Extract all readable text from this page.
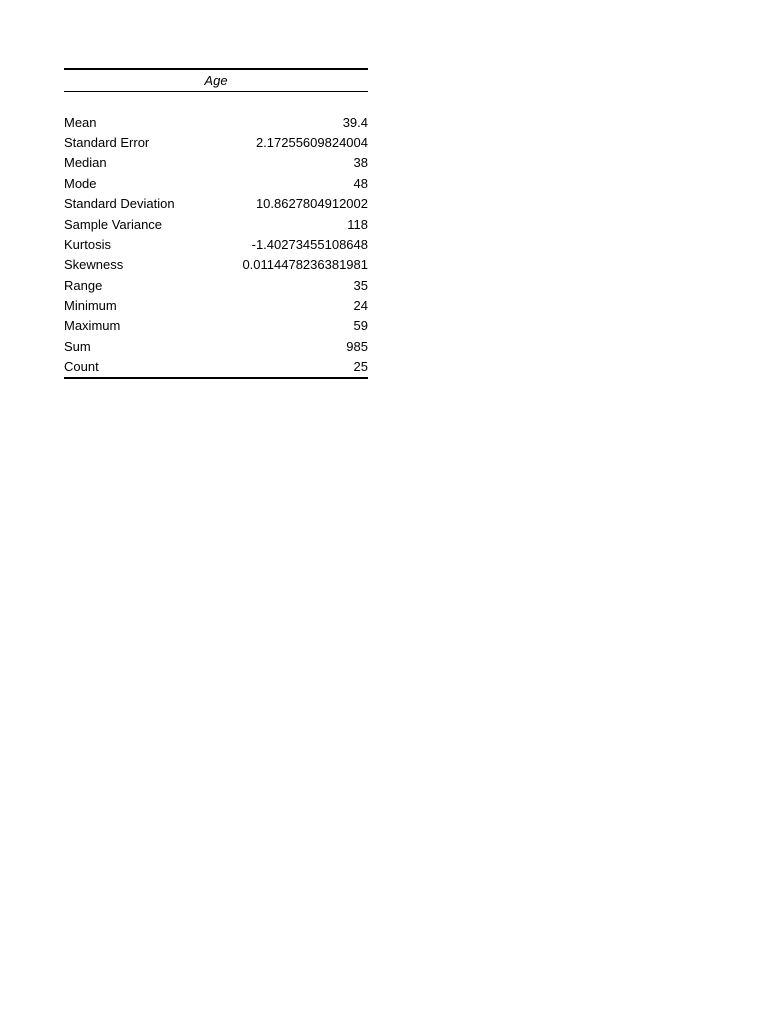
Age	

Mean	39.4
Standard Error	2.17255609824004
Median	38
Mode	48
Standard Deviation	10.8627804912002
Sample Variance	118
Kurtosis	-1.40273455108648
Skewness	0.0114478236381981
Range	35
Minimum	24
Maximum	59
Sum	985
Count	25
